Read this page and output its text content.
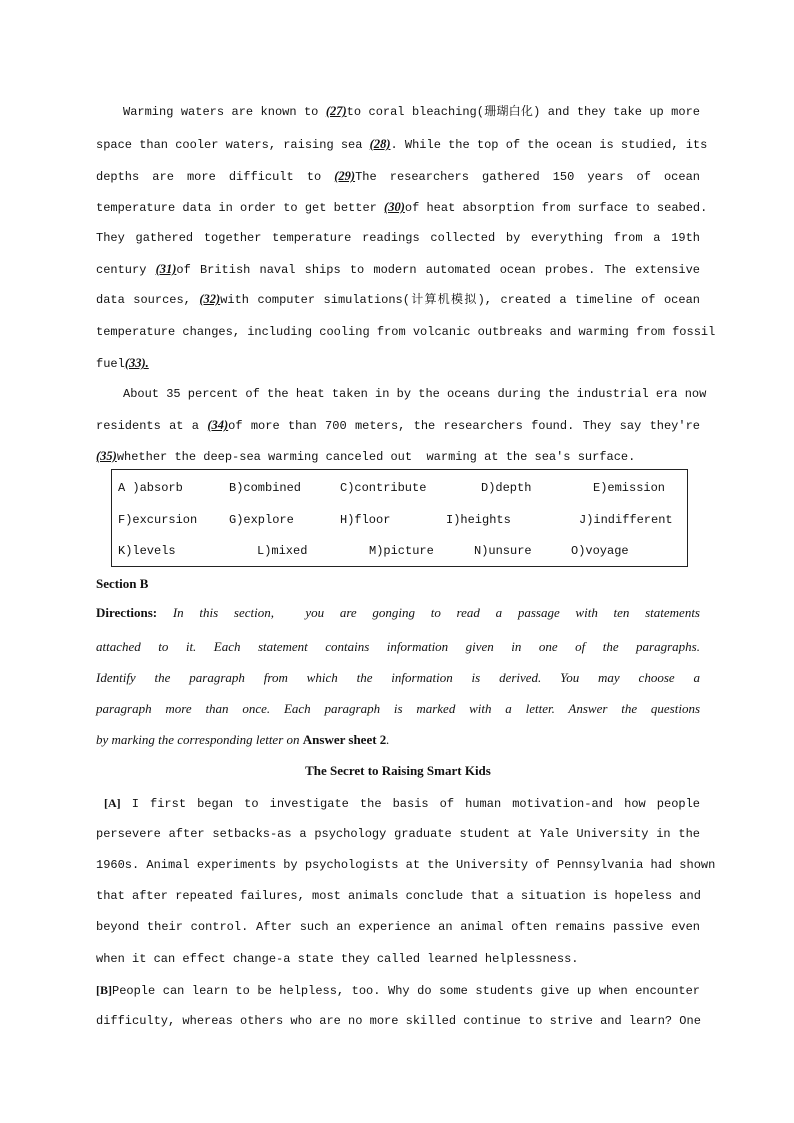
Warming waters are known to (27)to coral bleaching(珊瑚白化) and they take up more
space than cooler waters, raising sea (28). While the top of the ocean is studied, its
depths are more difficult to (29)The researchers gathered 150 years of ocean
temperature data in order to get better (30)of heat absorption from surface to seabed.
They gathered together temperature readings collected by everything from a 19th
century (31)of British naval ships to modern automated ocean probes. The extensive
data sources, (32)with computer simulations(计算机模拟), created a timeline of ocean
temperature changes, including cooling from volcanic outbreaks and warming from fossil
fuel(33).
About 35 percent of the heat taken in by the oceans during the industrial era now
residents at a (34)of more than 700 meters, the researchers found. They say they're
(35)whether the deep-sea warming canceled out  warming at the sea's surface.
A )absorb	B)combined	C)contribute	D)depth	E)emission
F)excursion	G)explore	H)floor	I)heights	J)indifferent
K)levels	L)mixed	M)picture	N)unsure	O)voyage
Section B
Directions: In this section,  you are gonging to read a passage with ten statements
attached to it. Each statement contains information given in one of the paragraphs.
Identify the paragraph from which the information is derived. You may choose a
paragraph more than once. Each paragraph is marked with a letter. Answer the questions
by marking the corresponding letter on Answer sheet 2.
The Secret to Raising Smart Kids
[A] I first began to investigate the basis of human motivation-and how people
persevere after setbacks-as a psychology graduate student at Yale University in the
1960s. Animal experiments by psychologists at the University of Pennsylvania had shown
that after repeated failures, most animals conclude that a situation is hopeless and
beyond their control. After such an experience an animal often remains passive even
when it can effect change-a state they called learned helplessness.
[B]People can learn to be helpless, too. Why do some students give up when encounter
difficulty, whereas others who are no more skilled continue to strive and learn? One
